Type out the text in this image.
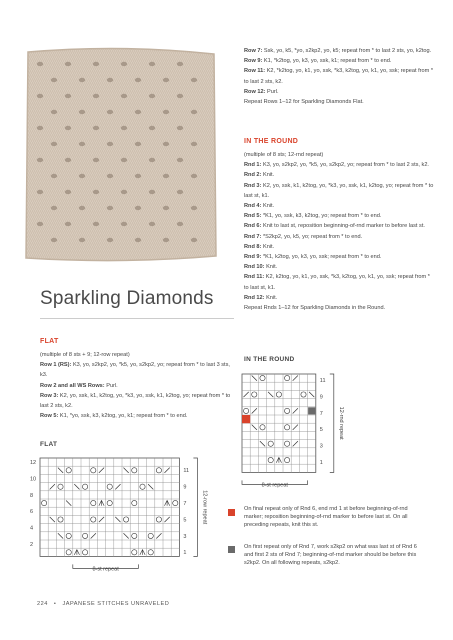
Row 7: Ssk, yo, k5, *yo, s2kp2, yo, k5; repeat from * to last 2 sts, yo, k2tog.

Row 9: K1, *k2tog, yo, k3, yo, ssk, k1; repeat from * to end.

Row 11: K2, *k2tog, yo, k1, yo, ssk, *k3, k2tog, yo, k1, yo, ssk; repeat from * to last 2 sts, k2.

Row 12: Purl.

Repeat Rows 1–12 for Sparkling Diamonds Flat.

IN THE ROUND

(multiple of 8 sts; 12-rnd repeat)

Rnd 1: K3, yo, s2kp2, yo, *k5, yo, s2kp2, yo; repeat from * to last 2 sts, k2.

Rnd 2: Knit.

Rnd 3: K2, yo, ssk, k1, k2tog, yo, *k3, yo, ssk, k1, k2tog, yo; repeat from * to last st, k1.

Rnd 4: Knit.

Rnd 5: *K1, yo, ssk, k3, k2tog, yo; repeat from * to end.

Rnd 6: Knit to last st, reposition beginning-of-rnd marker to before last st.

Rnd 7: *S2kp2, yo, k5, yo; repeat from * to end.

Rnd 8: Knit.

Rnd 9: *K1, k2tog, yo, k3, yo, ssk; repeat from * to end.

Rnd 10: Knit.

Rnd 11: K2, k2tog, yo, k1, yo, ssk, *k3, k2tog, yo, k1, yo, ssk; repeat from * to last st, k1.

Rnd 12: Knit.

Repeat Rnds 1–12 for Sparkling Diamonds in the Round.

Sparkling Diamonds
FLAT

(multiple of 8 sts + 9; 12-row repeat)

Row 1 (RS): K3, yo, s2kp2, yo, *k5, yo, s2kp2, yo; repeat from * to last 3 sts, k3.

Row 2 and all WS Rows: Purl.

Row 3: K2, yo, ssk, k1, k2tog, yo, *k3, yo, ssk, k1, k2tog, yo; repeat from * to last 2 sts, k2.

Row 5: K1, *yo, ssk, k3, k2tog, yo, k1; repeat from * to end.

FLAT
12
10
8
6
4
2
11
9
7
5
3
1
12-row repeat
8-st repeat
IN THE ROUND
11
9
7
5
3
1
12-rnd repeat
8-st repeat
On final repeat only of Rnd 6, end rnd 1 st before beginning-of-rnd marker; reposition beginning-of-rnd marker to before last st. On all preceding repeats, knit this st.
On first repeat only of Rnd 7, work s2kp2 on what was last st of Rnd 6 and first 2 sts of Rnd 7; beginning-of-rnd marker should be before this s2kp2. On all following repeats, s2kp2.
224 • JAPANESE STITCHES UNRAVELED
